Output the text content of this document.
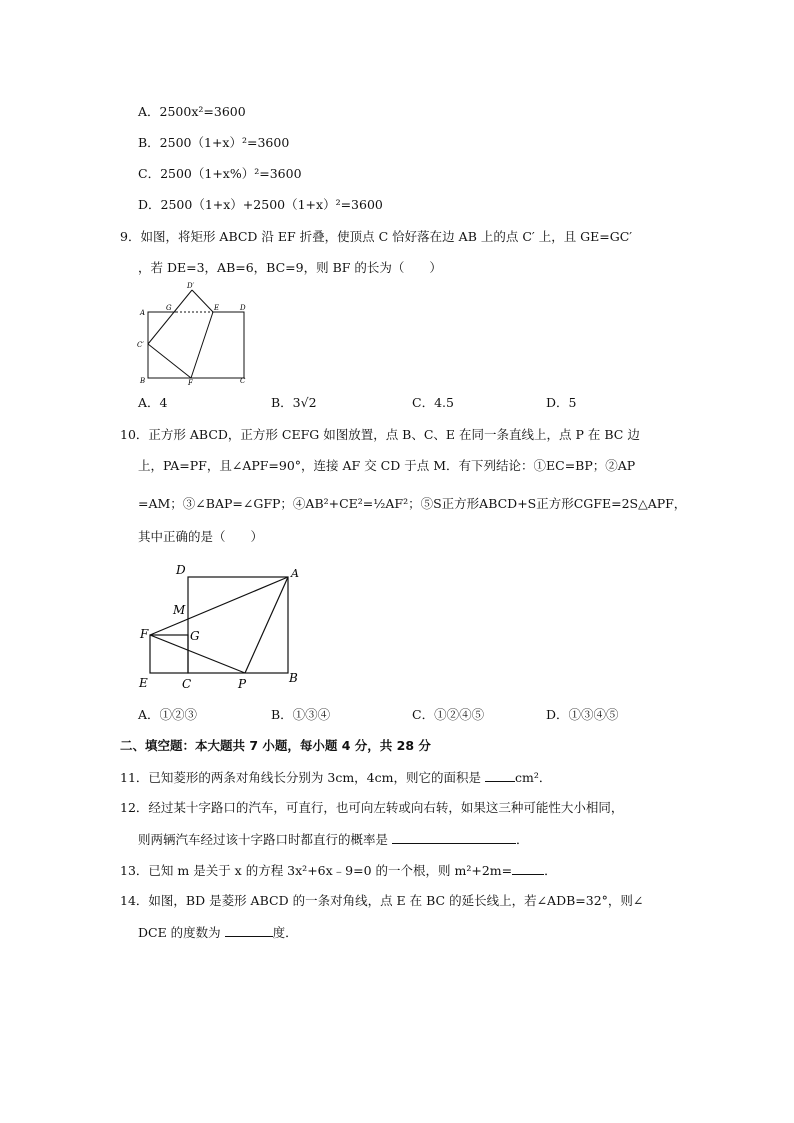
A．2500x²=3600
B．2500（1+x）²=3600
C．2500（1+x%）²=3600
D．2500（1+x）+2500（1+x）²=3600
9．如图，将矩形 ABCD 沿 EF 折叠，使顶点 C 恰好落在边 AB 上的点 C′ 上，且 GE=GC′
，若 DE=3，AB=6，BC=9，则 BF 的长为（　　）
D′
A
G	E	D
C′
B	F	C
A．4	B．3√2	C．4.5	D．5
10．正方形 ABCD，正方形 CEFG 如图放置，点 B、C、E 在同一条直线上，点 P 在 BC 边
上，PA=PF，且∠APF=90°，连接 AF 交 CD 于点 M．有下列结论：①EC=BP；②AP
=AM；③∠BAP=∠GFP；④AB²+CE²=½AF²；⑤S正方形ABCD+S正方形CGFE=2S△APF，
其中正确的是（　　）
D	A
M
F	G
E	C	P	B
A．①②③	B．①③④	C．①②④⑤	D．①③④⑤
二、填空题：本大题共 7 小题，每小题 4 分，共 28 分
11．已知菱形的两条对角线长分别为 3cm，4cm，则它的面积是 cm²．
12．经过某十字路口的汽车，可直行，也可向左转或向右转，如果这三种可能性大小相同，
则两辆汽车经过该十字路口时都直行的概率是	．
13．已知 m 是关于 x 的方程 3x²+6x﹣9=0 的一个根，则 m²+2m=	．
14．如图，BD 是菱形 ABCD 的一条对角线，点 E 在 BC 的延长线上，若∠ADB=32°，则∠
DCE 的度数为	度．
